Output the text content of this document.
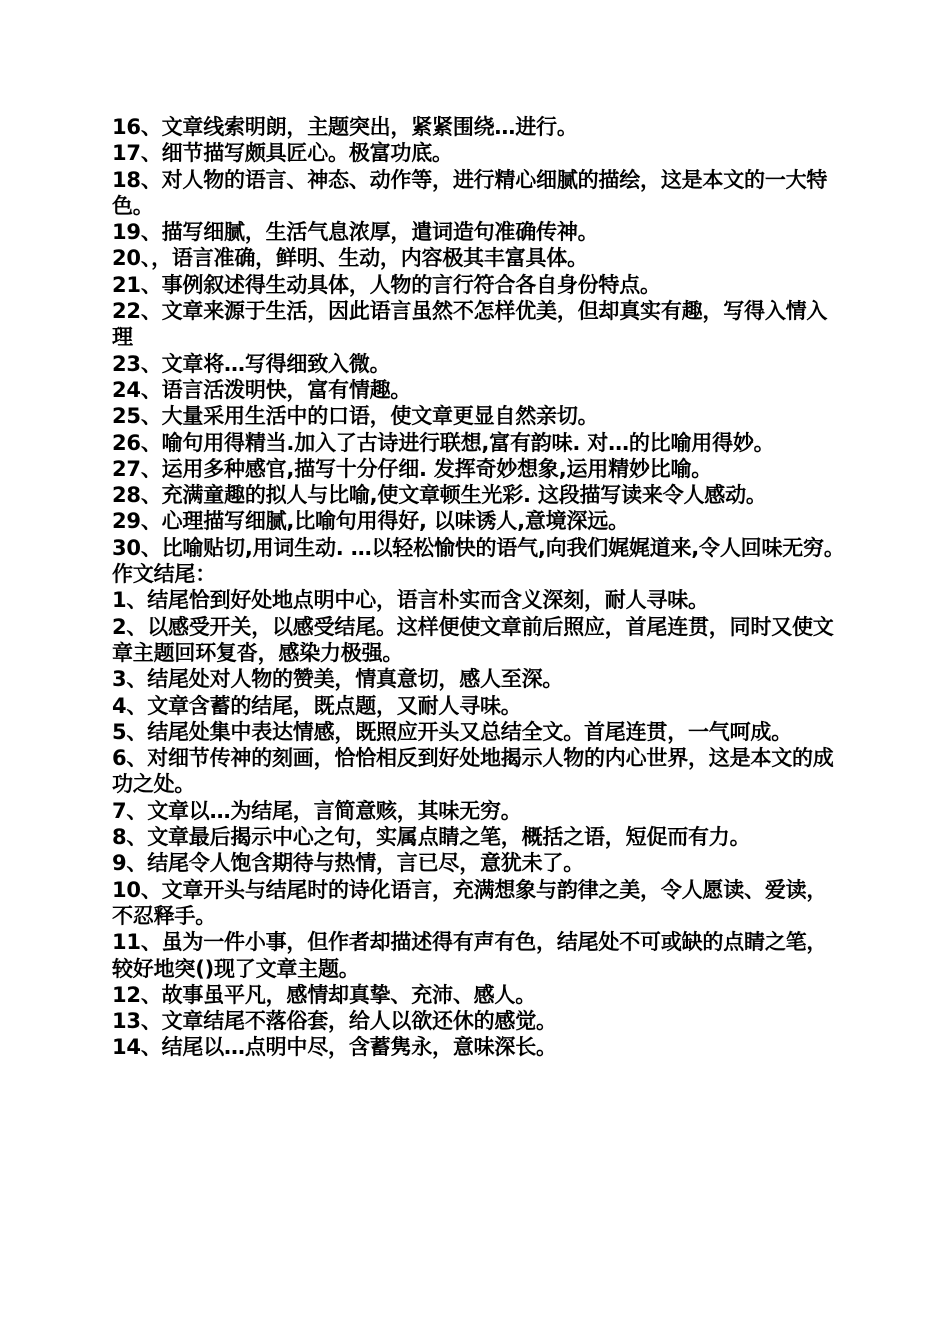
16、文章线索明朗，主题突出，紧紧围绕…进行。

17、细节描写颇具匠心。极富功底。

18、对人物的语言、神态、动作等，进行精心细腻的描绘，这是本文的一大特色。

19、描写细腻，生活气息浓厚，遣词造句准确传神。

20、，语言准确，鲜明、生动，内容极其丰富具体。

21、事例叙述得生动具体，人物的言行符合各自身份特点。

22、文章来源于生活，因此语言虽然不怎样优美，但却真实有趣，写得入情入理

23、文章将…写得细致入微。

24、语言活泼明快，富有情趣。

25、大量采用生活中的口语，使文章更显自然亲切。

26、喻句用得精当.加入了古诗进行联想,富有韵味. 对…的比喻用得妙。

27、运用多种感官,描写十分仔细. 发挥奇妙想象,运用精妙比喻。

28、充满童趣的拟人与比喻,使文章顿生光彩. 这段描写读来令人感动。

29、心理描写细腻,比喻句用得好, 以味诱人,意境深远。

30、比喻贴切,用词生动. …以轻松愉快的语气,向我们娓娓道来,令人回味无穷。

作文结尾：

1、结尾恰到好处地点明中心，语言朴实而含义深刻，耐人寻味。

2、以感受开关，以感受结尾。这样便使文章前后照应，首尾连贯，同时又使文章主题回环复沓，感染力极强。

3、结尾处对人物的赞美，情真意切，感人至深。

4、文章含蓄的结尾，既点题，又耐人寻味。

5、结尾处集中表达情感，既照应开头又总结全文。首尾连贯，一气呵成。

6、对细节传神的刻画，恰恰相反到好处地揭示人物的内心世界，这是本文的成功之处。

7、文章以…为结尾，言简意赅，其味无穷。

8、文章最后揭示中心之句，实属点睛之笔，概括之语，短促而有力。

9、结尾令人饱含期待与热情，言已尽，意犹未了。

10、文章开头与结尾时的诗化语言，充满想象与韵律之美，令人愿读、爱读，不忍释手。

11、虽为一件小事，但作者却描述得有声有色，结尾处不可或缺的点睛之笔，较好地突()现了文章主题。

12、故事虽平凡，感情却真挚、充沛、感人。

13、文章结尾不落俗套，给人以欲还休的感觉。

14、结尾以…点明中尽，含蓄隽永，意味深长。
